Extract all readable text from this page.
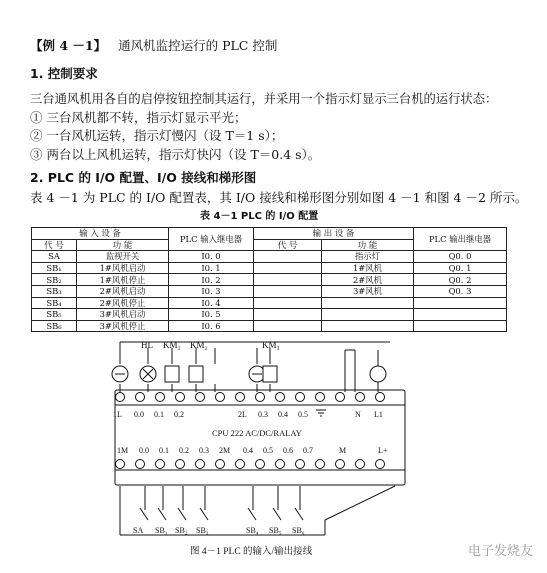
【例 4 －1】 通风机监控运行的 PLC 控制
1. 控制要求
三台通风机用各自的启停按钮控制其运行，并采用一个指示灯显示三台机的运行状态：
① 三台风机都不转，指示灯显示平光；
② 一台风机运转，指示灯慢闪（设 T＝1 s）；
③ 两台以上风机运转，指示灯快闪（设 T＝0.4 s）。
2. PLC 的 I/O 配置、I/O 接线和梯形图
表 4 －1 为 PLC 的 I/O 配置表，其 I/O 接线和梯形图分别如图 4 －1 和图 4 －2 所示。
表 4－1 PLC 的 I/O 配置
输 入 设 备		PLC 输入继电器	输 出 设 备		PLC 输出继电器
代 号	功 能		代 号	功 能	
SA	监视开关	I0. 0		指示灯	Q0. 0
SB₁	1#风机启动	I0. 1		1#风机	Q0. 1
SB₂	1#风机停止	I0. 2		2#风机	Q0. 2
SB₃	2#风机启动	I0. 3		3#风机	Q0. 3
SB₄	2#风机停止	I0. 4			
SB₅	3#风机启动	I0. 5			
SB₆	3#风机停止	I0. 6			
HL KM₁ KM₂	KM₃
1L 0.0 0.1 0.2	2L 0.3 0.4 0.5	N L1
CPU 222 AC/DC/RALAY
1M 0.0 0.1 0.2 0.3 2M 0.4 0.5 0.6 0.7	M	L+
SA SB₁ SB₂ SB₃	SB₄ SB₅ SB₆
图 4－1 PLC 的输入/输出接线	电子发烧友
